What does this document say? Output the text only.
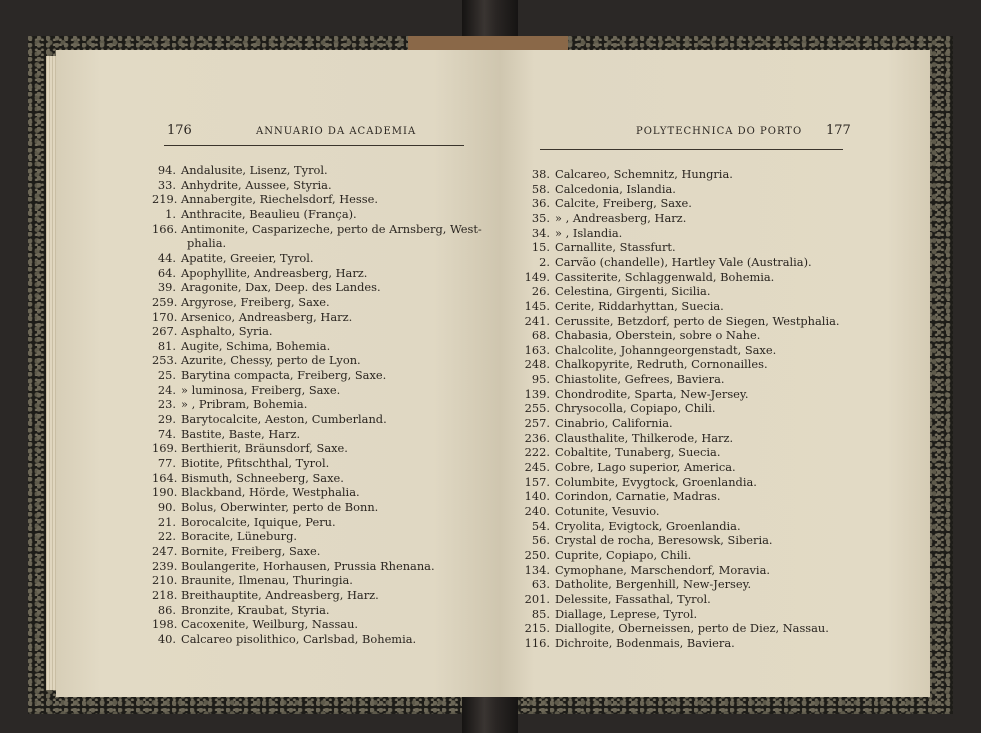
176	ANNUARIO DA ACADEMIA
94. Andalusite, Lisenz, Tyrol.
33. Anhydrite, Aussee, Styria.
219. Annabergite, Riechelsdorf, Hesse.
1. Anthracite, Beaulieu (França).
166. Antimonite, Casparizeche, perto de Arnsberg, West-
phalia.
44. Apatite, Greeier, Tyrol.
64. Apophyllite, Andreasberg, Harz.
39. Aragonite, Dax, Deep. des Landes.
259. Argyrose, Freiberg, Saxe.
170. Arsenico, Andreasberg, Harz.
267. Asphalto, Syria.
81. Augite, Schima, Bohemia.
253. Azurite, Chessy, perto de Lyon.
25. Barytina compacta, Freiberg, Saxe.
24. » luminosa, Freiberg, Saxe.
23. » , Pribram, Bohemia.
29. Barytocalcite, Aeston, Cumberland.
74. Bastite, Baste, Harz.
169. Berthierit, Bräunsdorf, Saxe.
77. Biotite, Pfitschthal, Tyrol.
164. Bismuth, Schneeberg, Saxe.
190. Blackband, Hörde, Westphalia.
90. Bolus, Oberwinter, perto de Bonn.
21. Borocalcite, Iquique, Peru.
22. Boracite, Lüneburg.
247. Bornite, Freiberg, Saxe.
239. Boulangerite, Horhausen, Prussia Rhenana.
210. Braunite, Ilmenau, Thuringia.
218. Breithauptite, Andreasberg, Harz.
86. Bronzite, Kraubat, Styria.
198. Cacoxenite, Weilburg, Nassau.
40. Calcareo pisolithico, Carlsbad, Bohemia.
POLYTECHNICA DO PORTO 177
38. Calcareo, Schemnitz, Hungria.
58. Calcedonia, Islandia.
36. Calcite, Freiberg, Saxe.
35. » , Andreasberg, Harz.
34. » , Islandia.
15. Carnallite, Stassfurt.
2. Carvão (chandelle), Hartley Vale (Australia).
149. Cassiterite, Schlaggenwald, Bohemia.
26. Celestina, Girgenti, Sicilia.
145. Cerite, Riddarhyttan, Suecia.
241. Cerussite, Betzdorf, perto de Siegen, Westphalia.
68. Chabasia, Oberstein, sobre o Nahe.
163. Chalcolite, Johanngeorgenstadt, Saxe.
248. Chalkopyrite, Redruth, Cornonailles.
95. Chiastolite, Gefrees, Baviera.
139. Chondrodite, Sparta, New-Jersey.
255. Chrysocolla, Copiapo, Chili.
257. Cinabrio, California.
236. Clausthalite, Thilkerode, Harz.
222. Cobaltite, Tunaberg, Suecia.
245. Cobre, Lago superior, America.
157. Columbite, Evygtock, Groenlandia.
140. Corindon, Carnatie, Madras.
240. Cotunite, Vesuvio.
54. Cryolita, Evigtock, Groenlandia.
56. Crystal de rocha, Beresowsk, Siberia.
250. Cuprite, Copiapo, Chili.
134. Cymophane, Marschendorf, Moravia.
63. Datholite, Bergenhill, New-Jersey.
201. Delessite, Fassathal, Tyrol.
85. Diallage, Leprese, Tyrol.
215. Diallogite, Oberneissen, perto de Diez, Nassau.
116. Dichroite, Bodenmais, Baviera.
